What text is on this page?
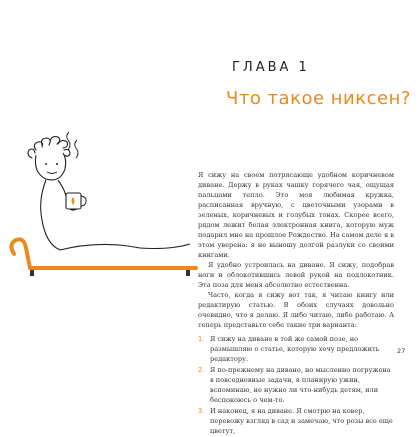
ГЛАВА 1
Что такое никсен?

Я сижу на своем потрясающе удобном коричневом диване. Держу в руках чашку горячего чая, ощущая пальцами тепло. Это моя любимая кружка, расписанная вручную, с цветочными узорами в зеленых, коричневых и голубых тонах. Скорее всего, рядом лежит белая электронная книга, которую муж подарил мне на прошлое Рождество. На самом деле я в этом уверена: я не выношу долгой разлуки со своими книгами.

Я удобно устроилась на диване. Я сижу, подобрав ноги и облокотившись левой рукой на подлокотник. Эта поза для меня абсолютно естественна.

Часто, когда я сижу вот так, я читаю книгу или редактирую статью. В обоих случаях довольно очевидно, что я делаю. Я либо читаю, либо работаю. А теперь представьте себе такие три варианта:

1. Я сижу на диване в той же самой позе, но размышляю о статье, которую хочу предложить редактору.
2. Я по-прежнему на диване, но мысленно погружена в повседневные задачи, я планирую ужин, вспоминаю, не нужно ли что-нибудь детям, или беспокоюсь о чем-то.
3. И наконец, я на диване. Я смотрю на ковер, перевожу взгляд в сад и замечаю, что розы все еще цветут,
27
